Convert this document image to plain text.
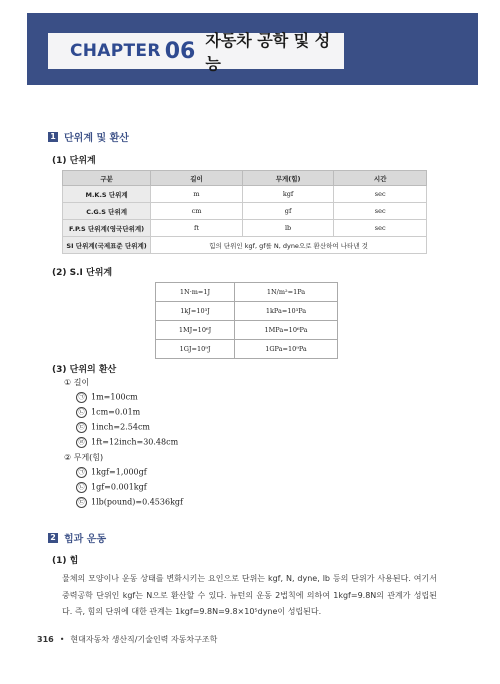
CHAPTER 06 자동차 공학 및 성능
1 단위계 및 환산
(1) 단위계
구분	길이	무게(힘)	시간
M.K.S 단위계	m	kgf	sec
C.G.S 단위계	cm	gf	sec
F.P.S 단위계(영국단위계)	ft	lb	sec
SI 단위계(국제표준 단위계)	힘의 단위인 kgf, gf를 N, dyne으로 환산하여 나타낸 것		
(2) S.I 단위계
1N·m=1J	1N/m²=1Pa
1kJ=10³J	1kPa=10³Pa
1MJ=10⁶J	1MPa=10⁶Pa
1GJ=10⁹J	1GPa=10⁹Pa
(3) 단위의 환산
① 길이
㉠ 1m=100cm
㉡ 1cm=0.01m
㉢ 1inch=2.54cm
㉣ 1ft=12inch=30.48cm
② 무게(힘)
㉠ 1kgf=1,000gf
㉡ 1gf=0.001kgf
㉢ 1lb(pound)=0.4536kgf
2 힘과 운동
(1) 힘
물체의 모양이나 운동 상태를 변화시키는 요인으로 단위는 kgf, N, dyne, lb 등의 단위가 사용된다. 여기서 중력공학 단위인 kgf는 N으로 환산할 수 있다. 뉴턴의 운동 2법칙에 의하여 1kgf=9.8N의 관계가 성립된다. 즉, 힘의 단위에 대한 관계는 1kgf=9.8N=9.8×10⁵dyne이 성립된다.
316 • 현대자동차 생산직/기술인력 자동차구조학
